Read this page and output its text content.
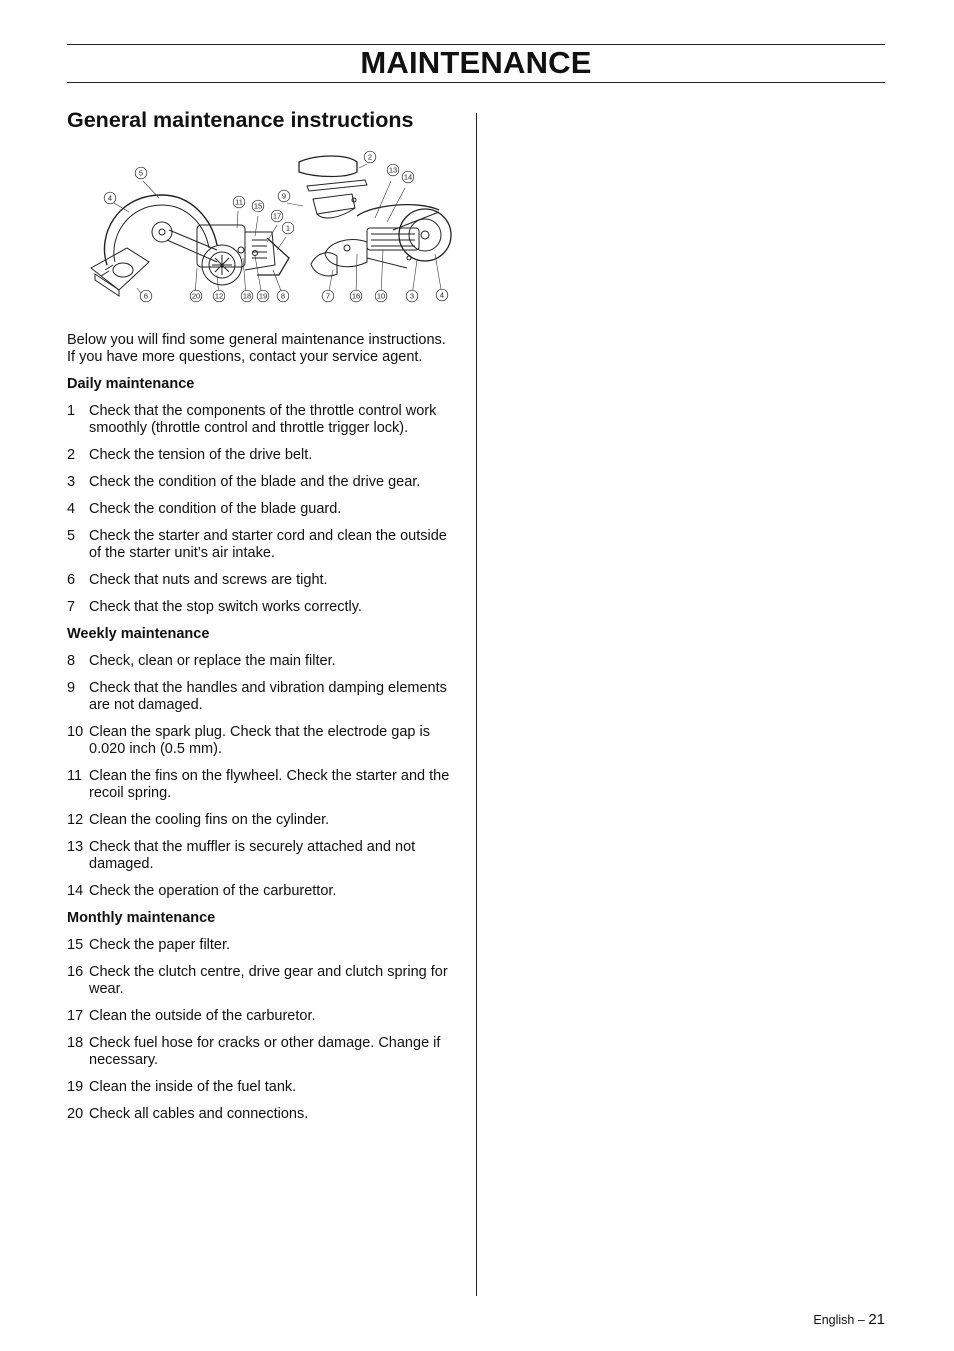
MAINTENANCE
General maintenance instructions
5
4
2
13
14
9
11 15
17
1
6	20 12	18 19 8	7	16 10	3	4

Below you will find some general maintenance instructions. If you have more questions, contact your service agent.

Daily maintenance
1 Check that the components of the throttle control work smoothly (throttle control and throttle trigger lock).
2 Check the tension of the drive belt.
3 Check the condition of the blade and the drive gear.
4 Check the condition of the blade guard.
5 Check the starter and starter cord and clean the outside of the starter unit’s air intake.
6 Check that nuts and screws are tight.
7 Check that the stop switch works correctly.
Weekly maintenance
8 Check, clean or replace the main filter.
9 Check that the handles and vibration damping elements are not damaged.
10 Clean the spark plug. Check that the electrode gap is 0.020 inch (0.5 mm).
11 Clean the fins on the flywheel. Check the starter and the recoil spring.
12 Clean the cooling fins on the cylinder.
13 Check that the muffler is securely attached and not damaged.
14 Check the operation of the carburettor.
Monthly maintenance
15 Check the paper filter.
16 Check the clutch centre, drive gear and clutch spring for wear.
17 Clean the outside of the carburetor.
18 Check fuel hose for cracks or other damage. Change if necessary.
19 Clean the inside of the fuel tank.
20 Check all cables and connections.
English – 21
